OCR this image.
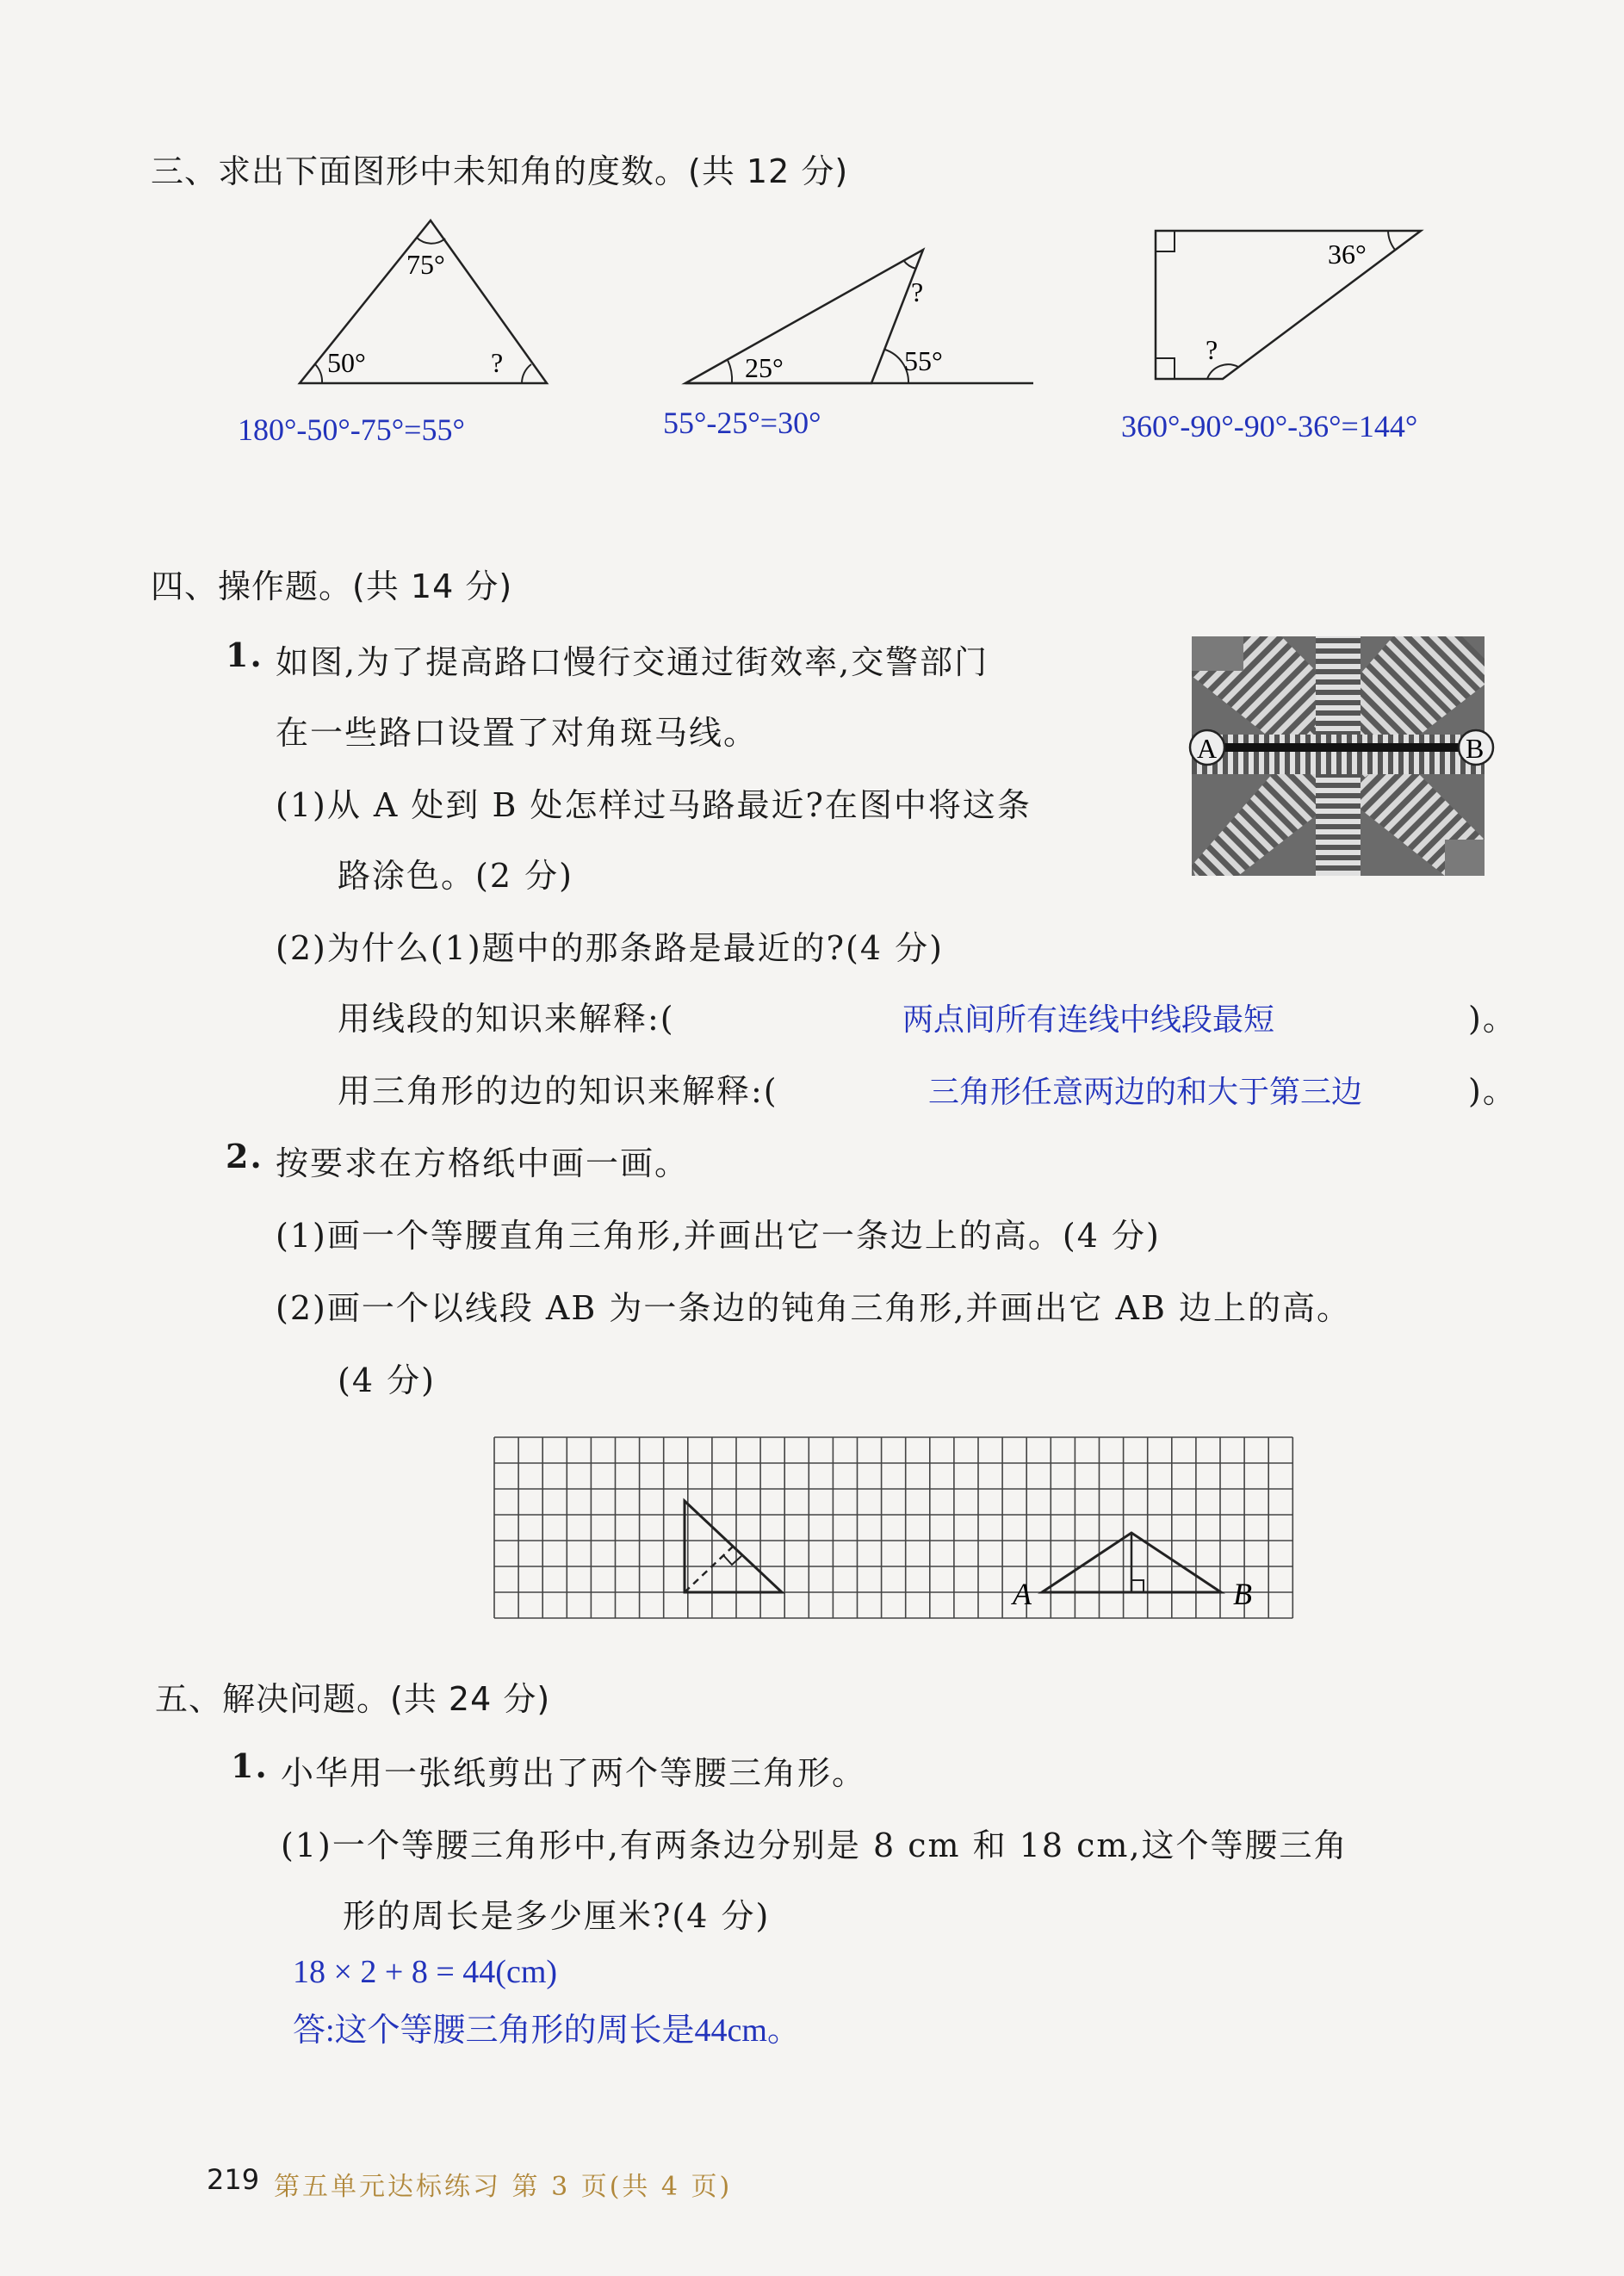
三、求出下面图形中未知角的度数。(共 12 分)
75°
50°	?	25°	55°
?
36°
?
180°-50°-75°=55°	55°-25°=30°	360°-90°-90°-36°=144°
四、操作题。(共 14 分)
1. 如图,为了提高路口慢行交通过街效率,交警部门
在一些路口设置了对角斑马线。
(1)从 A 处到 B 处怎样过马路最近?在图中将这条
路涂色。(2 分)
(2)为什么(1)题中的那条路是最近的?(4 分)
用线段的知识来解释:(	两点间所有连线中线段最短	)。
用三角形的边的知识来解释:(	三角形任意两边的和大于第三边	)。
A	B
2. 按要求在方格纸中画一画。
(1)画一个等腰直角三角形,并画出它一条边上的高。(4 分)
(2)画一个以线段 AB 为一条边的钝角三角形,并画出它 AB 边上的高。
(4 分)
A	B
五、解决问题。(共 24 分)
1. 小华用一张纸剪出了两个等腰三角形。
(1)一个等腰三角形中,有两条边分别是 8 cm 和 18 cm,这个等腰三角
形的周长是多少厘米?(4 分)
18 × 2 + 8 = 44(cm)
答:这个等腰三角形的周长是44cm。
219 第五单元达标练习 第 3 页(共 4 页)
